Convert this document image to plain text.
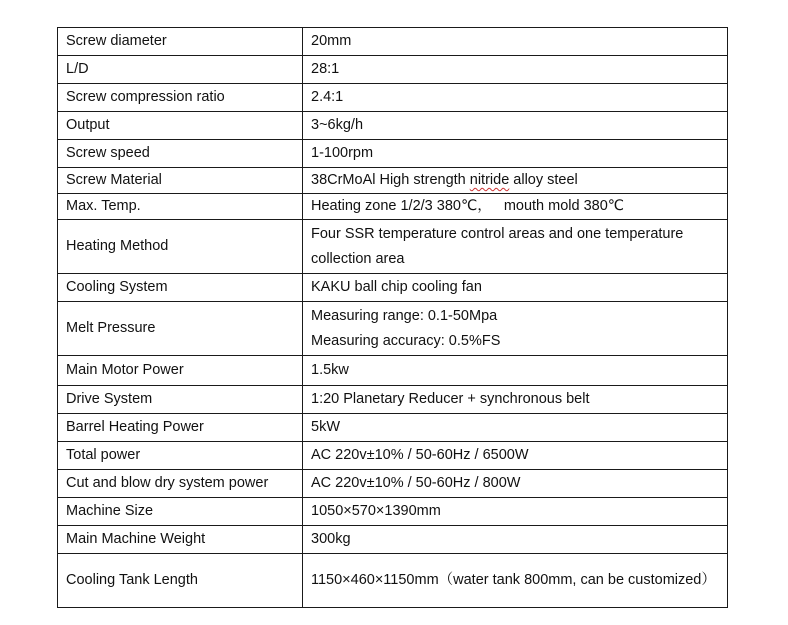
Screw diameter	20mm
L/D	28:1
Screw compression ratio	2.4:1
Output	3~6kg/h
Screw speed	1-100rpm
Screw Material	38CrMoAl High strength nitride alloy steel
Max. Temp.	Heating zone 1/2/3 380℃，   mouth mold 380℃
Heating Method	Four SSR temperature control areas and one temperature collection area
Cooling System	KAKU ball chip cooling fan
Melt Pressure	Measuring range: 0.1-50Mpa
Measuring accuracy: 0.5%FS

Main Motor Power	1.5kw
Drive System	1:20 Planetary Reducer + synchronous belt
Barrel Heating Power	5kW
Total power	AC 220v±10% / 50-60Hz / 6500W
Cut and blow dry system power	AC 220v±10% / 50-60Hz / 800W
Machine Size	1050×570×1390mm
Main Machine Weight	300kg
Cooling Tank Length	1150×460×1150mm（water tank 800mm, can be customized）
